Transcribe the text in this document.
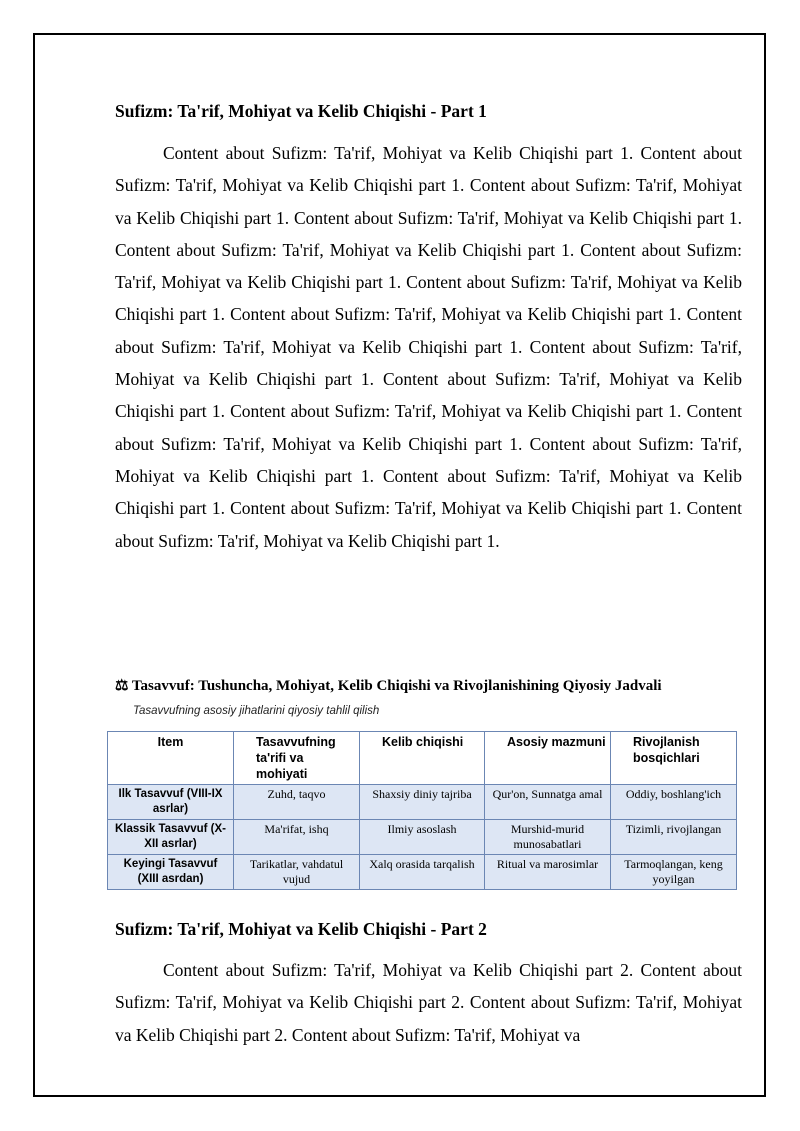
Sufizm: Ta'rif, Mohiyat va Kelib Chiqishi - Part 1

Content about Sufizm: Ta'rif, Mohiyat va Kelib Chiqishi part 1. Content about Sufizm: Ta'rif, Mohiyat va Kelib Chiqishi part 1. Content about Sufizm: Ta'rif, Mohiyat va Kelib Chiqishi part 1. Content about Sufizm: Ta'rif, Mohiyat va Kelib Chiqishi part 1. Content about Sufizm: Ta'rif, Mohiyat va Kelib Chiqishi part 1. Content about Sufizm: Ta'rif, Mohiyat va Kelib Chiqishi part 1. Content about Sufizm: Ta'rif, Mohiyat va Kelib Chiqishi part 1. Content about Sufizm: Ta'rif, Mohiyat va Kelib Chiqishi part 1. Content about Sufizm: Ta'rif, Mohiyat va Kelib Chiqishi part 1. Content about Sufizm: Ta'rif, Mohiyat va Kelib Chiqishi part 1. Content about Sufizm: Ta'rif, Mohiyat va Kelib Chiqishi part 1. Content about Sufizm: Ta'rif, Mohiyat va Kelib Chiqishi part 1. Content about Sufizm: Ta'rif, Mohiyat va Kelib Chiqishi part 1. Content about Sufizm: Ta'rif, Mohiyat va Kelib Chiqishi part 1. Content about Sufizm: Ta'rif, Mohiyat va Kelib Chiqishi part 1. Content about Sufizm: Ta'rif, Mohiyat va Kelib Chiqishi part 1. Content about Sufizm: Ta'rif, Mohiyat va Kelib Chiqishi part 1.

⚖ Tasavvuf: Tushuncha, Mohiyat, Kelib Chiqishi va Rivojlanishining Qiyosiy Jadvali
Tasavvufning asosiy jihatlarini qiyosiy tahlil qilish
Item	Tasavvufning ta'rifi va mohiyati	Kelib chiqishi	Asosiy mazmuni	Rivojlanish bosqichlari
Ilk Tasavvuf (VIII-IX asrlar)	Zuhd, taqvo	Shaxsiy diniy tajriba	Qur'on, Sunnatga amal	Oddiy, boshlang'ich
Klassik Tasavvuf (X-XII asrlar)	Ma'rifat, ishq	Ilmiy asoslash	Murshid-murid munosabatlari	Tizimli, rivojlangan
Keyingi Tasavvuf (XIII asrdan)	Tarikatlar, vahdatul vujud	Xalq orasida tarqalish	Ritual va marosimlar	Tarmoqlangan, keng yoyilgan
Sufizm: Ta'rif, Mohiyat va Kelib Chiqishi - Part 2

Content about Sufizm: Ta'rif, Mohiyat va Kelib Chiqishi part 2. Content about Sufizm: Ta'rif, Mohiyat va Kelib Chiqishi part 2. Content about Sufizm: Ta'rif, Mohiyat va Kelib Chiqishi part 2. Content about Sufizm: Ta'rif, Mohiyat va
